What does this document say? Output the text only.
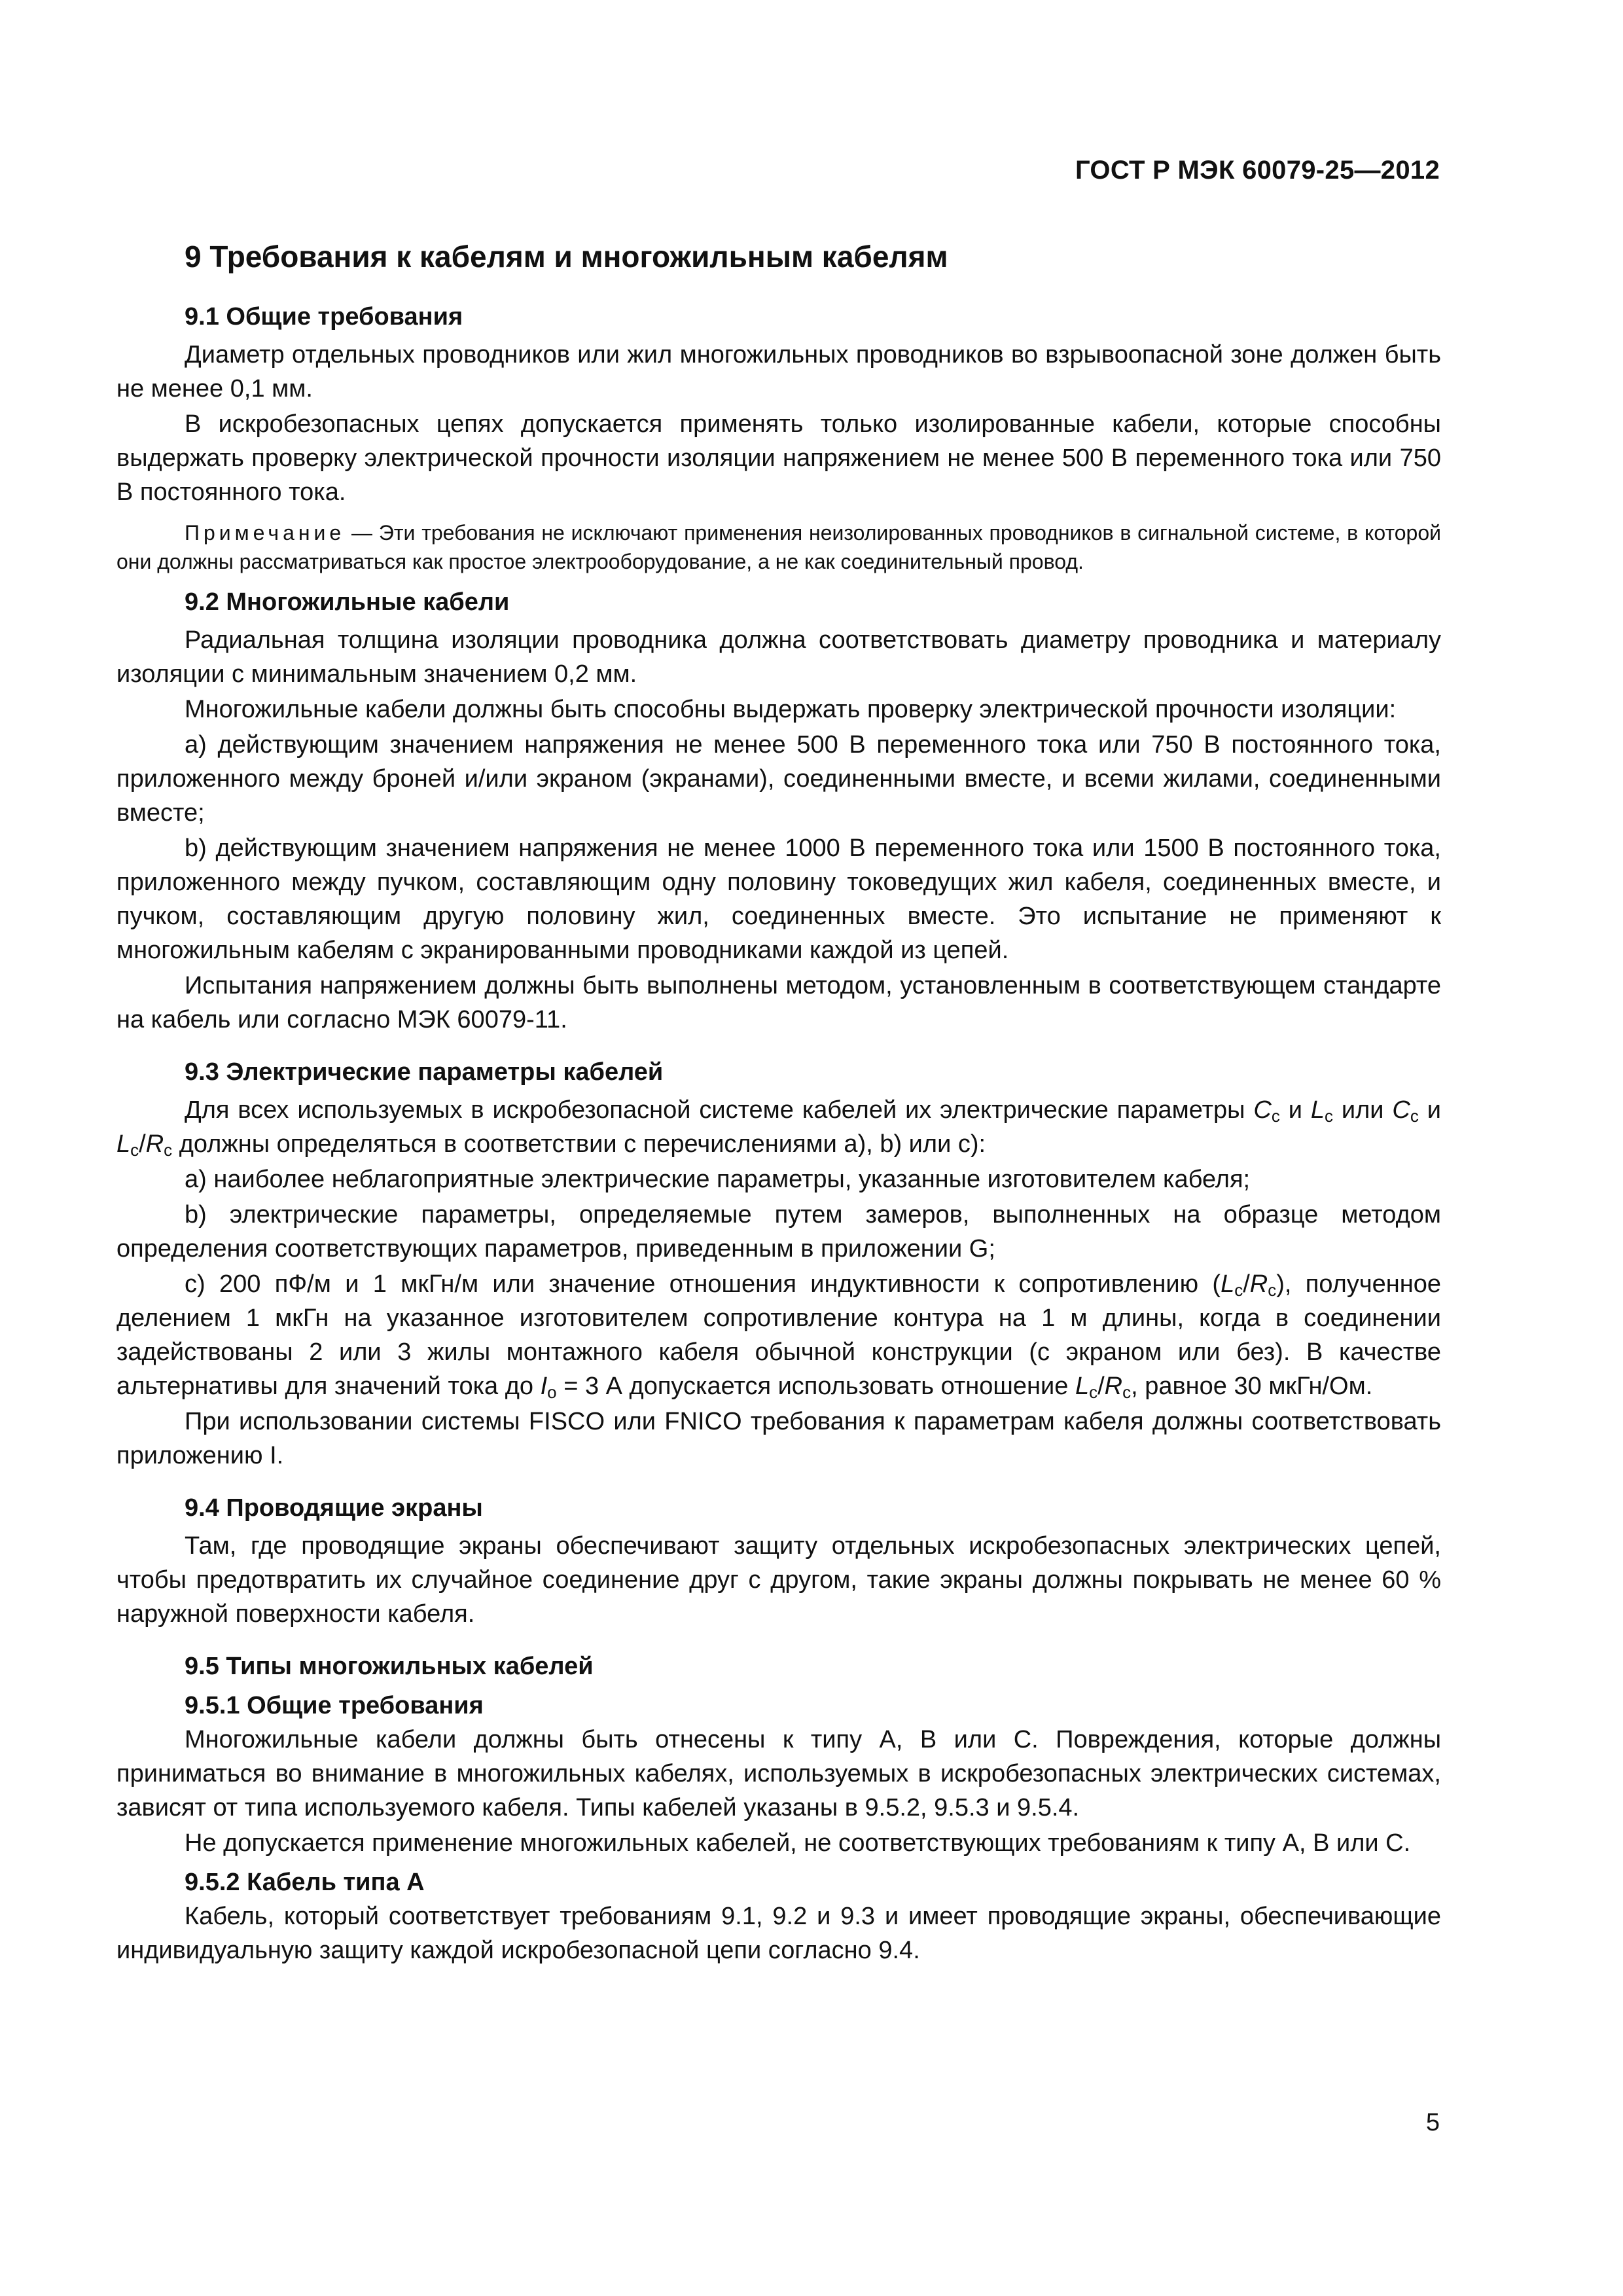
ГОСТ Р МЭК 60079-25—2012
9 Требования к кабелям и многожильным кабелям
9.1 Общие требования

Диаметр отдельных проводников или жил многожильных проводников во взрывоопасной зоне должен быть не менее 0,1 мм.

В искробезопасных цепях допускается применять только изолированные кабели, которые способны выдержать проверку электрической прочности изоляции напряжением не менее 500 В переменного тока или 750 В постоянного тока.

Примечание — Эти требования не исключают применения неизолированных проводников в сигнальной системе, в которой они должны рассматриваться как простое электрооборудование, а не как соединительный провод.

9.2 Многожильные кабели

Радиальная толщина изоляции проводника должна соответствовать диаметру проводника и материалу изоляции с минимальным значением 0,2 мм.

Многожильные кабели должны быть способны выдержать проверку электрической прочности изоляции:

a) действующим значением напряжения не менее 500 В переменного тока или 750 В постоянного тока, приложенного между броней и/или экраном (экранами), соединенными вместе, и всеми жилами, соединенными вместе;

b) действующим значением напряжения не менее 1000 В переменного тока или 1500 В постоянного тока, приложенного между пучком, составляющим одну половину токоведущих жил кабеля, соединенных вместе, и пучком, составляющим другую половину жил, соединенных вместе. Это испытание не применяют к многожильным кабелям с экранированными проводниками каждой из цепей.

Испытания напряжением должны быть выполнены методом, установленным в соответствующем стандарте на кабель или согласно МЭК 60079-11.

9.3 Электрические параметры кабелей

Для всех используемых в искробезопасной системе кабелей их электрические параметры $C_c$ и $L_c$ или $C_c$ и $L_c/R_c$ должны определяться в соответствии с перечислениями a), b) или c):

a) наиболее неблагоприятные электрические параметры, указанные изготовителем кабеля;

b) электрические параметры, определяемые путем замеров, выполненных на образце методом определения соответствующих параметров, приведенным в приложении G;

c) 200 пФ/м и 1 мкГн/м или значение отношения индуктивности к сопротивлению $(L_c/R_c)$, полученное делением 1 мкГн на указанное изготовителем сопротивление контура на 1 м длины, когда в соединении задействованы 2 или 3 жилы монтажного кабеля обычной конструкции (с экраном или без). В качестве альтернативы для значений тока до $I_o = 3$ А допускается использовать отношение $L_c/R_c$, равное 30 мкГн/Ом.

При использовании системы FISCO или FNICO требования к параметрам кабеля должны соответствовать приложению I.

9.4 Проводящие экраны

Там, где проводящие экраны обеспечивают защиту отдельных искробезопасных электрических цепей, чтобы предотвратить их случайное соединение друг с другом, такие экраны должны покрывать не менее 60 % наружной поверхности кабеля.

9.5 Типы многожильных кабелей
9.5.1 Общие требования

Многожильные кабели должны быть отнесены к типу А, В или С. Повреждения, которые должны приниматься во внимание в многожильных кабелях, используемых в искробезопасных электрических системах, зависят от типа используемого кабеля. Типы кабелей указаны в 9.5.2, 9.5.3 и 9.5.4.

Не допускается применение многожильных кабелей, не соответствующих требованиям к типу А, В или С.

9.5.2 Кабель типа А

Кабель, который соответствует требованиям 9.1, 9.2 и 9.3 и имеет проводящие экраны, обеспечивающие индивидуальную защиту каждой искробезопасной цепи согласно 9.4.

5
